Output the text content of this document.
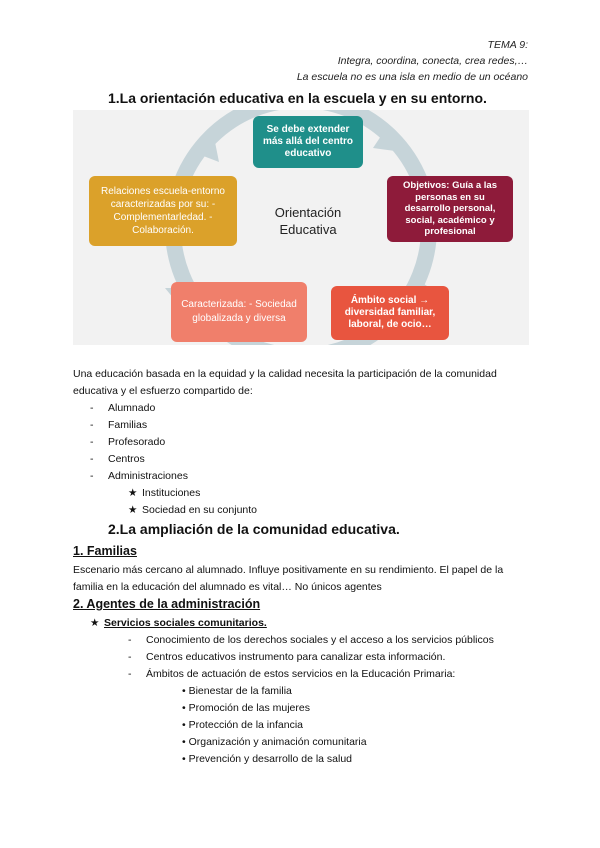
TEMA 9:
Integra, coordina, conecta, crea redes,…
La escuela no es una isla en medio de un océano
1.La orientación educativa en la escuela y en su entorno.
Se debe extender más allá del centro educativo
Objetivos: Guía a las personas en su desarrollo personal, social, académico y profesional
Ámbito social → diversidad familiar, laboral, de ocio…
Caracterizada: - Sociedad globalizada y diversa
Relaciones escuela-entorno caracterizadas por su: - Complementarledad. - Colaboración.
Orientación
Educativa
Una educación basada en la equidad y la calidad necesita la participación de la comunidad educativa y el esfuerzo compartido de:
- Alumnado
- Familias
- Profesorado
- Centros
- Administraciones
★ Instituciones
★ Sociedad en su conjunto
2.La ampliación de la comunidad educativa.
1. Familias
Escenario más cercano al alumnado. Influye positivamente en su rendimiento. El papel de la familia en la educación del alumnado es vital… No únicos agentes
2. Agentes de la administración
★ Servicios sociales comunitarios.
- Conocimiento de los derechos sociales y el acceso a los servicios públicos
- Centros educativos instrumento para canalizar esta información.
- Ámbitos de actuación de estos servicios en la Educación Primaria:
• Bienestar de la familia
• Promoción de las mujeres
• Protección de la infancia
• Organización y animación comunitaria
• Prevención y desarrollo de la salud
